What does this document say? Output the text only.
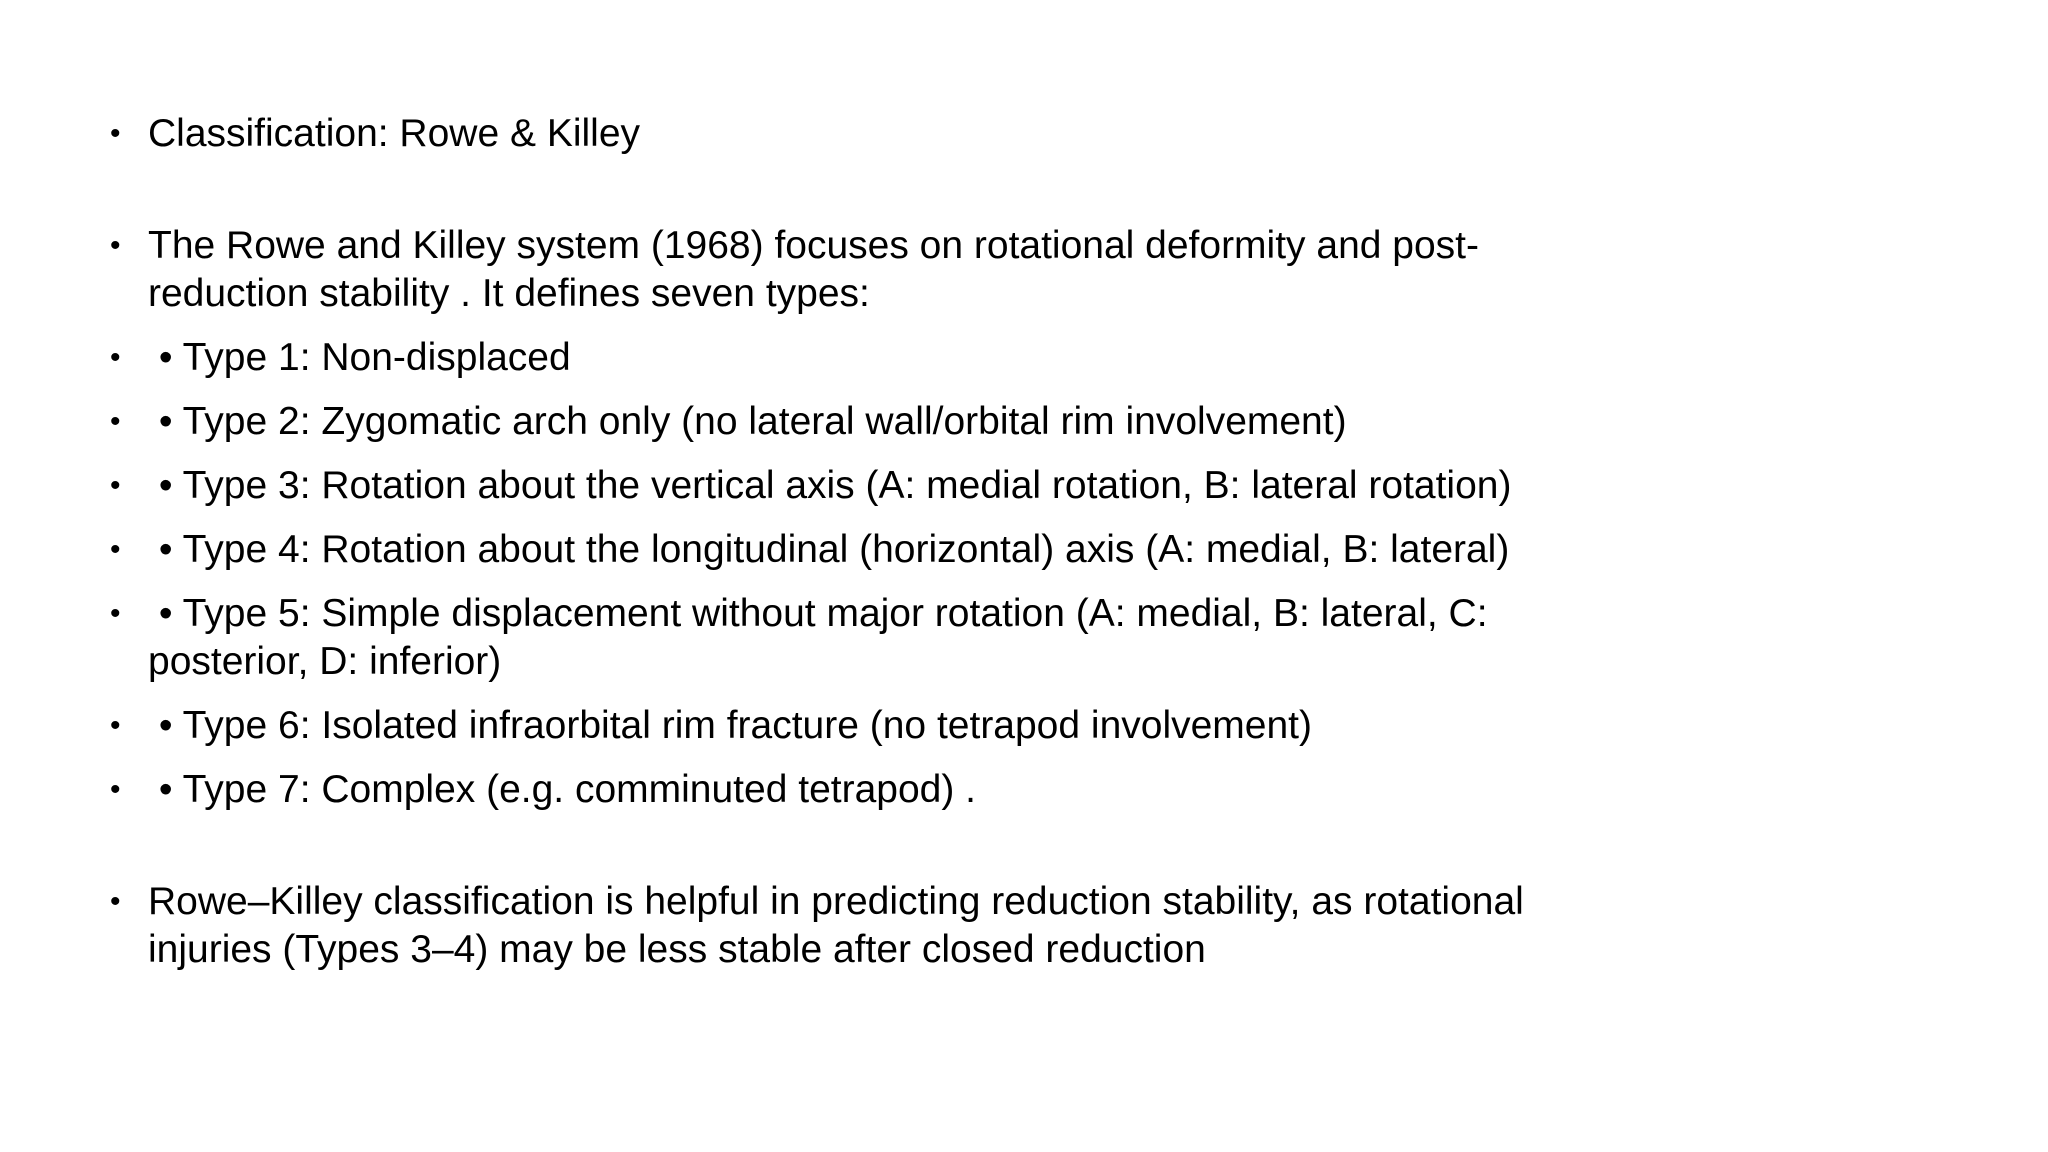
• Classification: Rowe & Killey
• The Rowe and Killey system (1968) focuses on rotational deformity and post-reduction stability . It defines seven types:
• • Type 1: Non-displaced
• • Type 2: Zygomatic arch only (no lateral wall/orbital rim involvement)
• • Type 3: Rotation about the vertical axis (A: medial rotation, B: lateral rotation)
• • Type 4: Rotation about the longitudinal (horizontal) axis (A: medial, B: lateral)
• • Type 5: Simple displacement without major rotation (A: medial, B: lateral, C: posterior, D: inferior)
• • Type 6: Isolated infraorbital rim fracture (no tetrapod involvement)
• • Type 7: Complex (e.g. comminuted tetrapod) .
• Rowe–Killey classification is helpful in predicting reduction stability, as rotational injuries (Types 3–4) may be less stable after closed reduction
